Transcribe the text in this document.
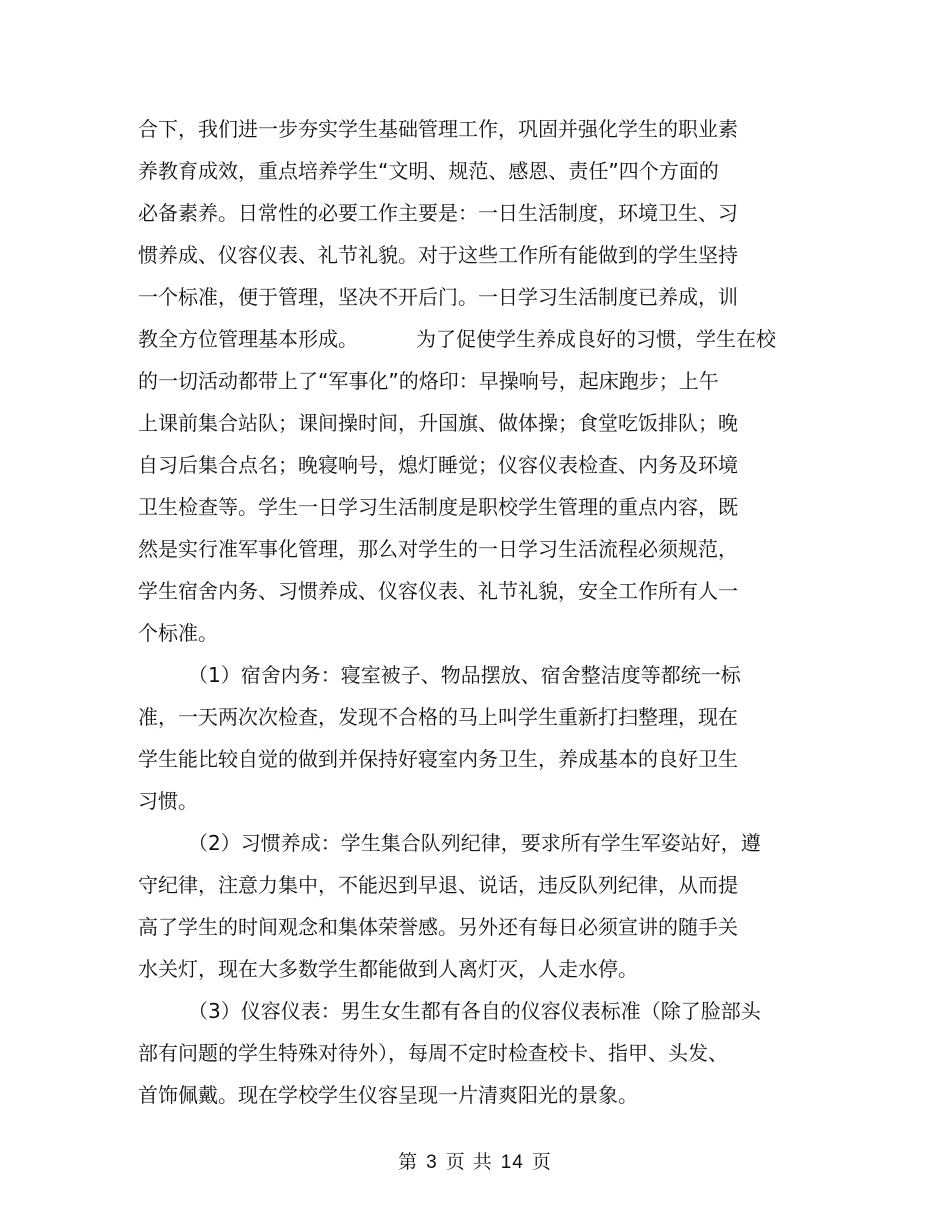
合下，我们进一步夯实学生基础管理工作，巩固并强化学生的职业素
养教育成效，重点培养学生“文明、规范、感恩、责任”四个方面的
必备素养。日常性的必要工作主要是：一日生活制度，环境卫生、习
惯养成、仪容仪表、礼节礼貌。对于这些工作所有能做到的学生坚持
一个标准，便于管理，坚决不开后门。一日学习生活制度已养成，训
教全方位管理基本形成。	为了促使学生养成良好的习惯，学生在校
的一切活动都带上了“军事化”的烙印：早操响号，起床跑步；上午
上课前集合站队；课间操时间，升国旗、做体操；食堂吃饭排队；晚
自习后集合点名；晚寝响号，熄灯睡觉；仪容仪表检查、内务及环境
卫生检查等。学生一日学习生活制度是职校学生管理的重点内容，既
然是实行准军事化管理，那么对学生的一日学习生活流程必须规范，
学生宿舍内务、习惯养成、仪容仪表、礼节礼貌，安全工作所有人一
个标准。
（1）宿舍内务：寝室被子、物品摆放、宿舍整洁度等都统一标
准，一天两次次检查，发现不合格的马上叫学生重新打扫整理，现在
学生能比较自觉的做到并保持好寝室内务卫生，养成基本的良好卫生
习惯。
（2）习惯养成：学生集合队列纪律，要求所有学生军姿站好，遵
守纪律，注意力集中，不能迟到早退、说话，违反队列纪律，从而提
高了学生的时间观念和集体荣誉感。另外还有每日必须宣讲的随手关
水关灯，现在大多数学生都能做到人离灯灭，人走水停。
（3）仪容仪表：男生女生都有各自的仪容仪表标准（除了脸部头
部有问题的学生特殊对待外），每周不定时检查校卡、指甲、头发、
首饰佩戴。现在学校学生仪容呈现一片清爽阳光的景象。
第 3 页 共 14 页
